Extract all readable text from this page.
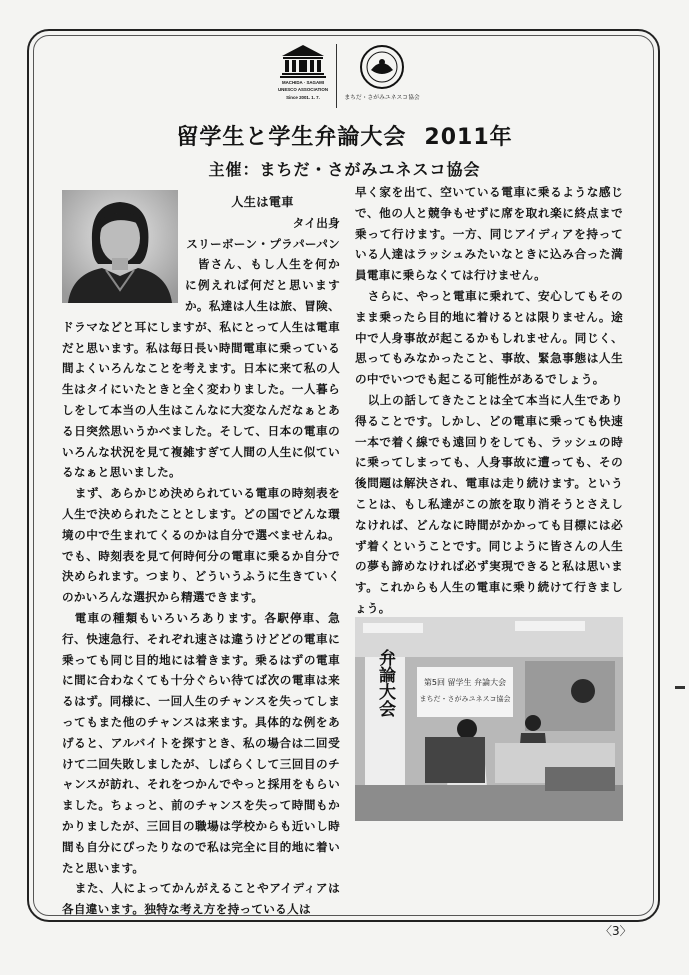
MACHIDA · SAGAMI
UNESCO ASSOCIATION
Since 2001. 1. 7.	まちだ・さがみユネスコ協会
留学生と学生弁論大会 2011年
主催：まちだ・さがみユネスコ協会

人生は電車

タイ出身

スリーボーン・プラパーパン

皆さん、もし人生を何かに例えれば何だと思いますか。私達は人生は旅、冒険、ドラマなどと耳にしますが、私にとって人生は電車だと思います。私は毎日長い時間電車に乗っている間よくいろんなことを考えます。日本に来て私の人生はタイにいたときと全く変わりました。一人暮らしをして本当の人生はこんなに大変なんだなぁとある日突然思いうかべました。そして、日本の電車のいろんな状況を見て複雑すぎて人間の人生に似ているなぁと思いました。

まず、あらかじめ決められている電車の時刻表を人生で決められたこととします。どの国でどんな環境の中で生まれてくるのかは自分で選べませんね。でも、時刻表を見て何時何分の電車に乗るか自分で決められます。つまり、どういうふうに生きていくのかいろんな選択から精選できます。

電車の種類もいろいろあります。各駅停車、急行、快速急行、それぞれ速さは違うけどどの電車に乗っても同じ目的地には着きます。乗るはずの電車に間に合わなくても十分ぐらい待てば次の電車は来るはず。同様に、一回人生のチャンスを失ってしまってもまた他のチャンスは来ます。具体的な例をあげると、アルバイトを探すとき、私の場合は二回受けて二回失敗しましたが、しばらくして三回目のチャンスが訪れ、それをつかんでやっと採用をもらいました。ちょっと、前のチャンスを失って時間もかかりましたが、三回目の職場は学校からも近いし時間も自分にぴったりなので私は完全に目的地に着いたと思います。

また、人によってかんがえることやアイディアは各自違います。独特な考え方を持っている人は

早く家を出て、空いている電車に乗るような感じで、他の人と競争もせずに席を取れ楽に終点まで乗って行けます。一方、同じアイディアを持っている人達はラッシュみたいなときに込み合った満員電車に乗らなくては行けません。

さらに、やっと電車に乗れて、安心してもそのまま乗ったら目的地に着けるとは限りません。途中で人身事故が起こるかもしれません。同じく、思ってもみなかったこと、事故、緊急事態は人生の中でいつでも起こる可能性があるでしょう。

以上の話してきたことは全て本当に人生であり得ることです。しかし、どの電車に乗っても快速一本で着く線でも遠回りをしても、ラッシュの時に乗ってしまっても、人身事故に遭っても、その後問題は解決され、電車は走り続けます。ということは、もし私達がこの旅を取り消そうとさえしなければ、どんなに時間がかかっても目標には必ず着くということです。同じように皆さんの人生の夢も諦めなければ必ず実現できると私は思います。これからも人生の電車に乗り続けて行きましょう。

弁論大会	第5回 留学生 弁論大会
まちだ・さがみユネスコ協会
〈3〉
